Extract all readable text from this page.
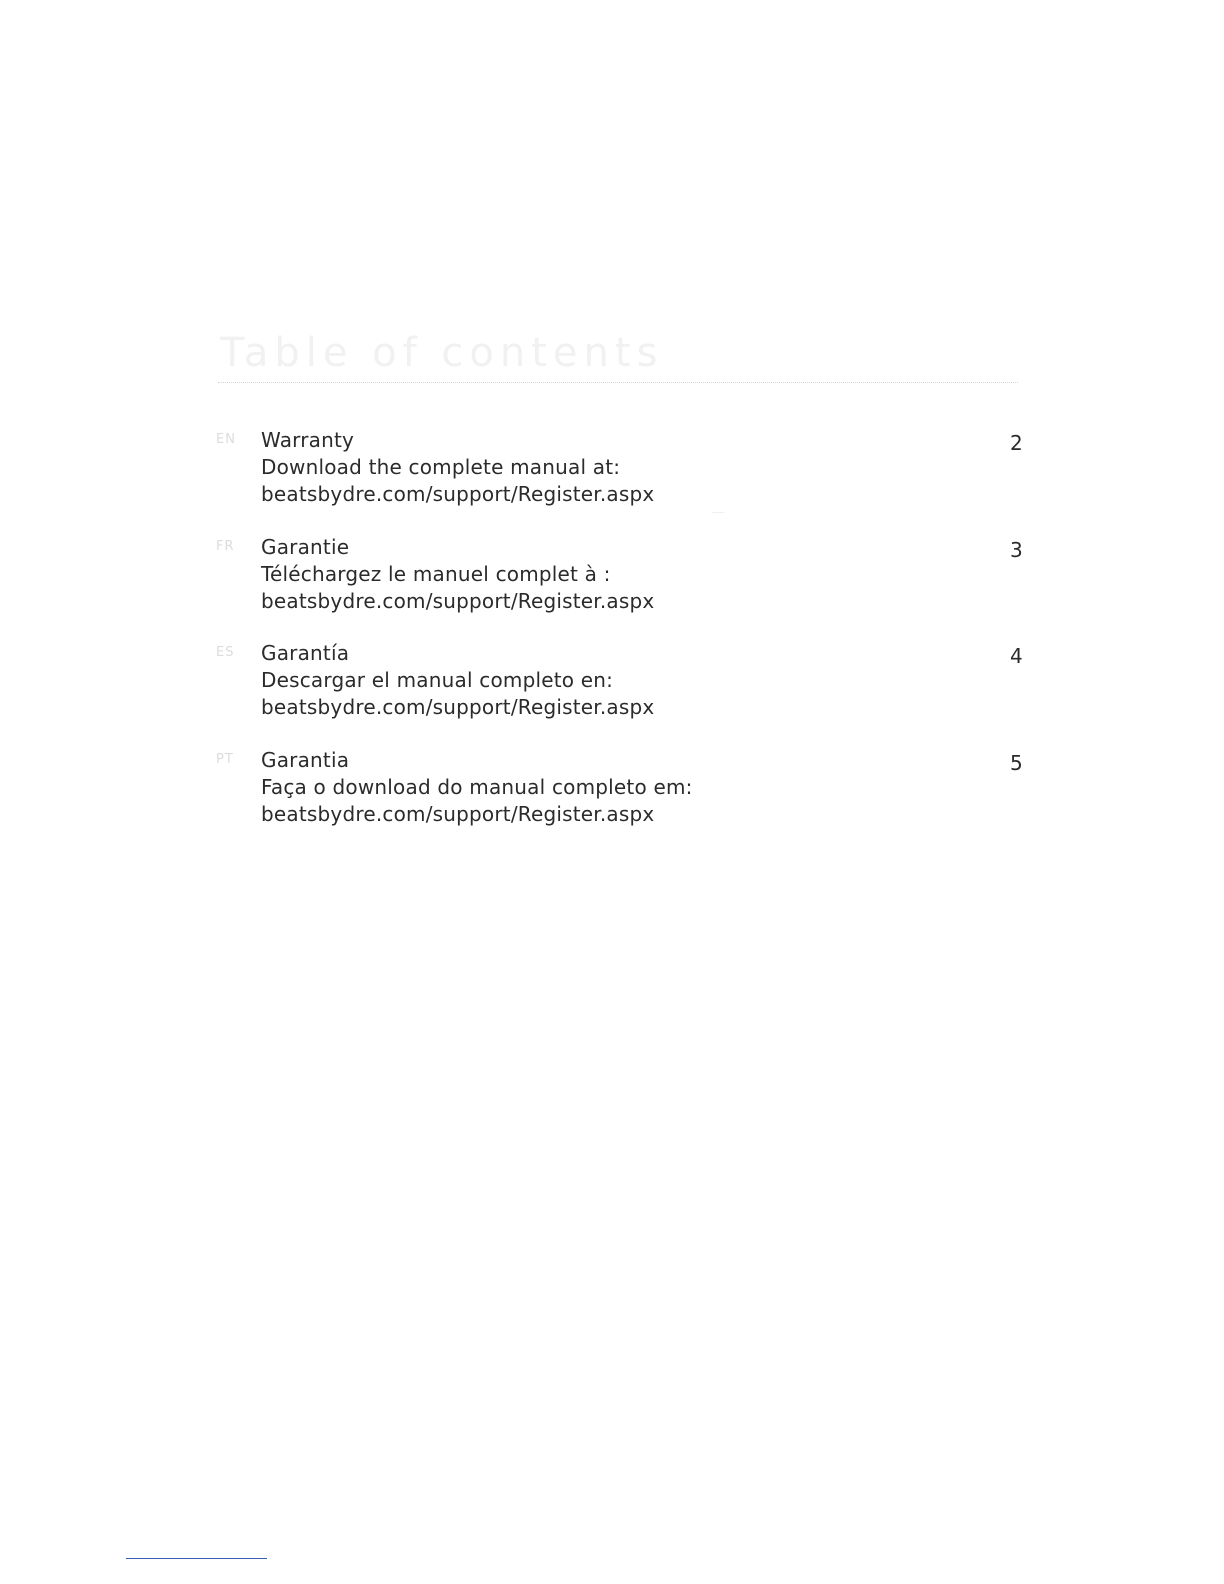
Table of contents
EN Warranty
Download the complete manual at:
beatsbydre.com/support/Register.aspx
2
FR Garantie
Téléchargez le manuel complet à :
beatsbydre.com/support/Register.aspx
3
ES Garantía
Descargar el manual completo en:
beatsbydre.com/support/Register.aspx
4
PT Garantia
Faça o download do manual completo em:
beatsbydre.com/support/Register.aspx
5
